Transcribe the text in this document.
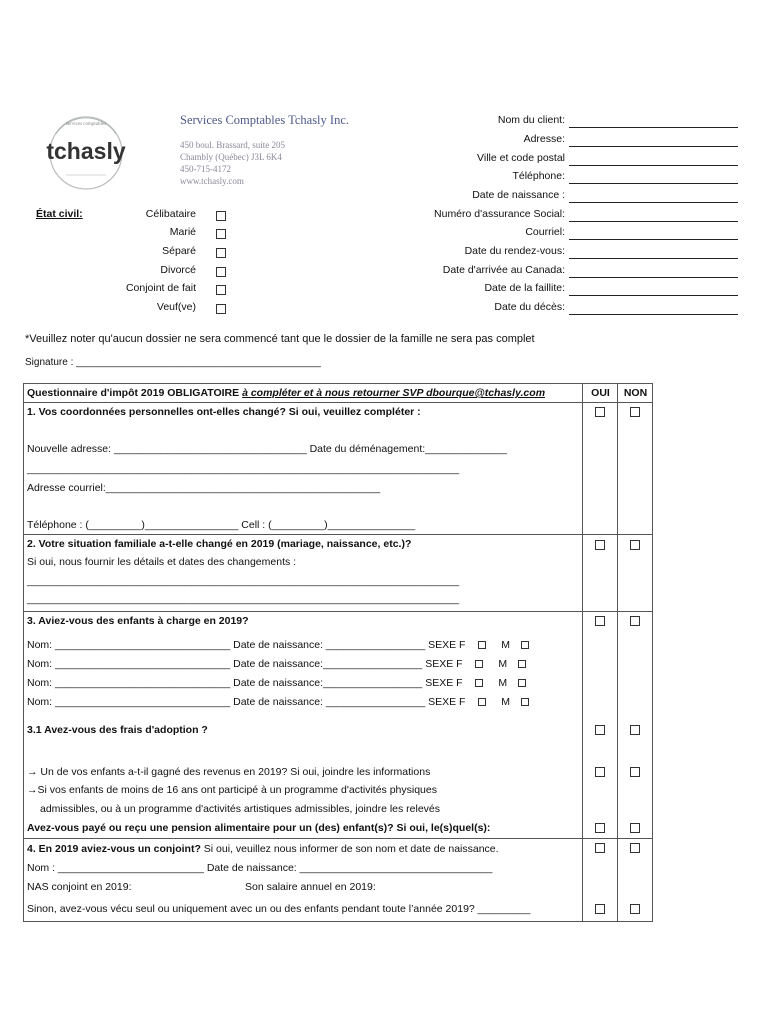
services comptables
tchasly
Services Comptables Tchasly Inc.
450 boul. Brassard, suite 205
Chambly (Québec) J3L 6K4
450-715-4172
www.tchasly.com
Nom du client:
Adresse:
Ville et code postal
Téléphone:
Date de naissance :
Numéro d'assurance Social:
Courriel:
Date du rendez-vous:
Date d'arrivée au Canada:
Date de la faillite:
Date du décès:
État civil:	Célibataire
Marié
Séparé
Divorcé
Conjoint de fait
Veuf(ve)
*Veuillez noter qu'aucun dossier ne sera commencé tant que le dossier de la famille ne sera pas complet
Signature : ____________________________________________
Questionnaire d'impôt 2019 OBLIGATOIRE à compléter et à nous retourner SVP dbourque@tchasly.com	OUI	NON
1. Vos coordonnées personnelles ont-elles changé? Si oui, veuillez compléter :
Nouvelle adresse: _________________________________ Date du déménagement:______________
__________________________________________________________________________
Adresse courriel:_______________________________________________
Téléphone : (_________)________________ Cell : (_________)_______________
2. Votre situation familiale a-t-elle changé en 2019 (mariage, naissance, etc.)?
Si oui, nous fournir les détails et dates des changements :
__________________________________________________________________________
__________________________________________________________________________
3. Aviez-vous des enfants à charge en 2019?
Nom: ______________________________ Date de naissance: _________________ SEXE F	M
Nom: ______________________________ Date de naissance:_________________ SEXE F	M
Nom: ______________________________ Date de naissance:_________________ SEXE F	M
Nom: ______________________________ Date de naissance: _________________ SEXE F	M
3.1 Avez-vous des frais d'adoption ?
→ Un de vos enfants a-t-il gagné des revenus en 2019? Si oui, joindre les informations
→Si vos enfants de moins de 16 ans ont participé à un programme d'activités physiques
admissibles, ou à un programme d'activités artistiques admissibles, joindre les relevés
Avez-vous payé ou reçu une pension alimentaire pour un (des) enfant(s)? Si oui, le(s)quel(s):
4. En 2019 aviez-vous un conjoint? Si oui, veuillez nous informer de son nom et date de naissance.
Nom : _________________________ Date de naissance: _________________________________
NAS conjoint en 2019:	Son salaire annuel en 2019:
Sinon, avez-vous vécu seul ou uniquement avec un ou des enfants pendant toute l’année 2019? _________
